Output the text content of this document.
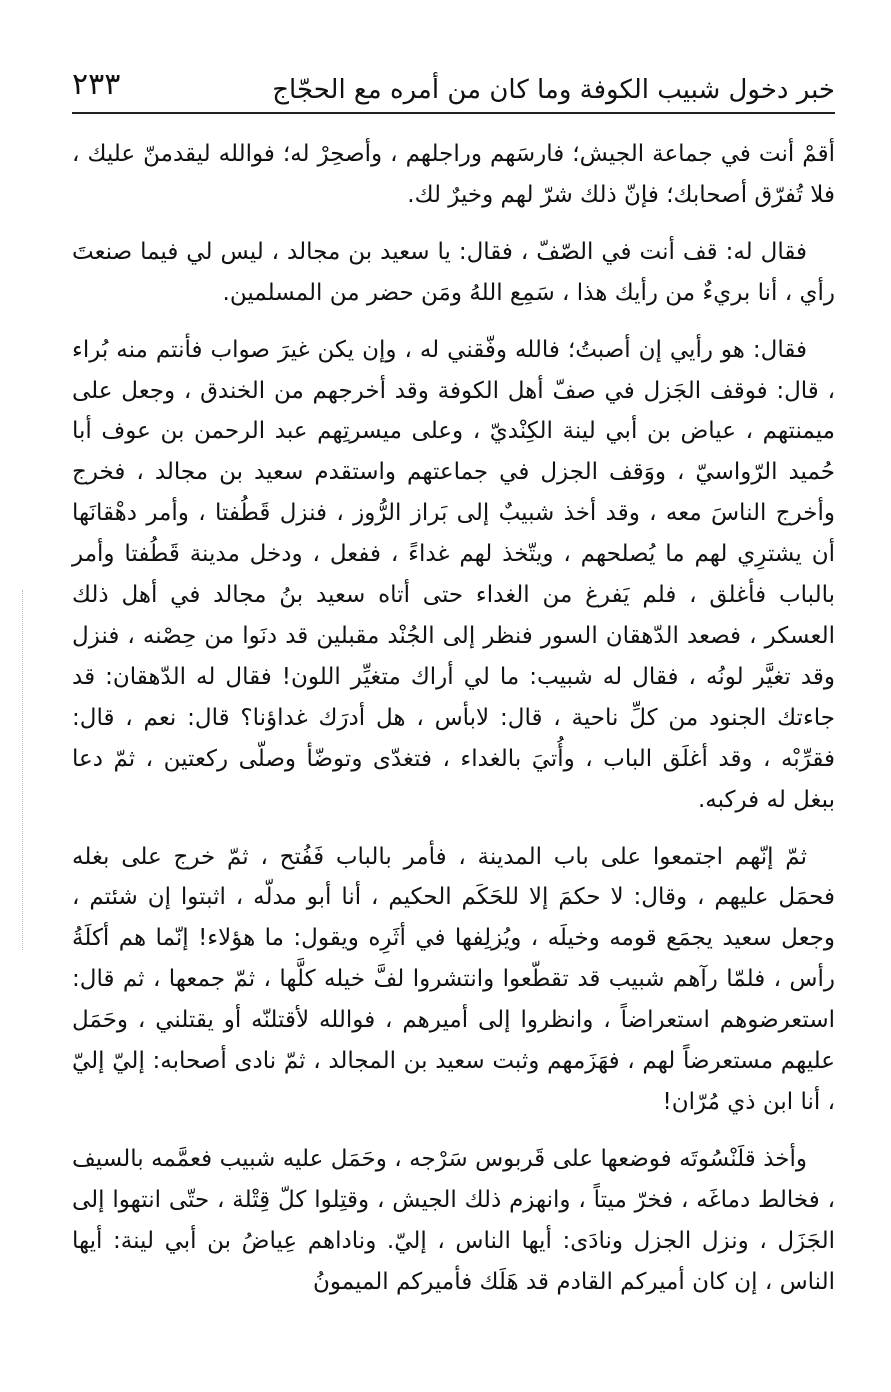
خبر دخول شبيب الكوفة وما كان من أمره مع الحجّاج
٢٣٣

أقمْ أنت في جماعة الجيش؛ فارسَهم وراجلهم ، وأصحِرْ له؛ فوالله ليقدمنّ عليك ، فلا تُفرّق أصحابك؛ فإنّ ذلك شرّ لهم وخيرٌ لك.

فقال له: قف أنت في الصّفّ ، فقال: يا سعيد بن مجالد ، ليس لي فيما صنعتَ رأي ، أنا بريءٌ من رأيك هذا ، سَمِع اللهُ ومَن حضر من المسلمين.

فقال: هو رأيي إن أصبتُ؛ فالله وفّقني له ، وإن يكن غيرَ صواب فأنتم منه بُراء ، قال: فوقف الجَزل في صفّ أهل الكوفة وقد أخرجهم من الخندق ، وجعل على ميمنتهم ، عياض بن أبي لينة الكِنْديّ ، وعلى ميسرتِهم عبد الرحمن بن عوف أبا حُميد الرّواسيّ ، ووَقف الجزل في جماعتهم واستقدم سعيد بن مجالد ، فخرج وأخرج الناسَ معه ، وقد أخذ شبيبٌ إلى بَراز الرُّوز ، فنزل قَطُفتا ، وأمر دهْقانَها أن يشترِي لهم ما يُصلحهم ، ويتّخذ لهم غداءً ، ففعل ، ودخل مدينة قَطُفتا وأمر بالباب فأغلق ، فلم يَفرغ من الغداء حتى أتاه سعيد بنُ مجالد في أهل ذلك العسكر ، فصعد الدّهقان السور فنظر إلى الجُنْد مقبلين قد دنَوا من حِصْنه ، فنزل وقد تغيَّر لونُه ، فقال له شبيب: ما لي أراك متغيِّر اللون! فقال له الدّهقان: قد جاءتك الجنود من كلِّ ناحية ، قال: لابأس ، هل أدرَك غداؤنا؟ قال: نعم ، قال: فقرِّبْه ، وقد أغلَق الباب ، وأُتيَ بالغداء ، فتغدّى وتوضّأ وصلّى ركعتين ، ثمّ دعا ببغل له فركبه.

ثمّ إنّهم اجتمعوا على باب المدينة ، فأمر بالباب فَفُتح ، ثمّ خرج على بغله فحمَل عليهم ، وقال: لا حكمَ إلا للحَكَم الحكيم ، أنا أبو مدلّه ، اثبتوا إن شئتم ، وجعل سعيد يجمَع قومه وخيلَه ، ويُزلِفها في أثَرِه ويقول: ما هؤلاء! إنّما هم أكلَةُ رأس ، فلمّا رآهم شبيب قد تقطّعوا وانتشروا لفَّ خيله كلَّها ، ثمّ جمعها ، ثم قال: استعرضوهم استعراضاً ، وانظروا إلى أميرهم ، فوالله لأقتلنّه أو يقتلني ، وحَمَل عليهم مستعرضاً لهم ، فهَزَمهم وثبت سعيد بن المجالد ، ثمّ نادى أصحابه: إليّ إليّ ، أنا ابن ذي مُرّان!

وأخذ قلَنْسُوتَه فوضعها على قَربوس سَرْجه ، وحَمَل عليه شبيب فعمَّمه بالسيف ، فخالط دماغَه ، فخرّ ميتاً ، وانهزم ذلك الجيش ، وقتِلوا كلّ قِتْلة ، حتّى انتهوا إلى الجَزَل ، ونزل الجزل ونادَى: أيها الناس ، إليّ. وناداهم عِياضُ بن أبي لينة: أيها الناس ، إن كان أميركم القادم قد هَلَك فأميركم الميمونُ
